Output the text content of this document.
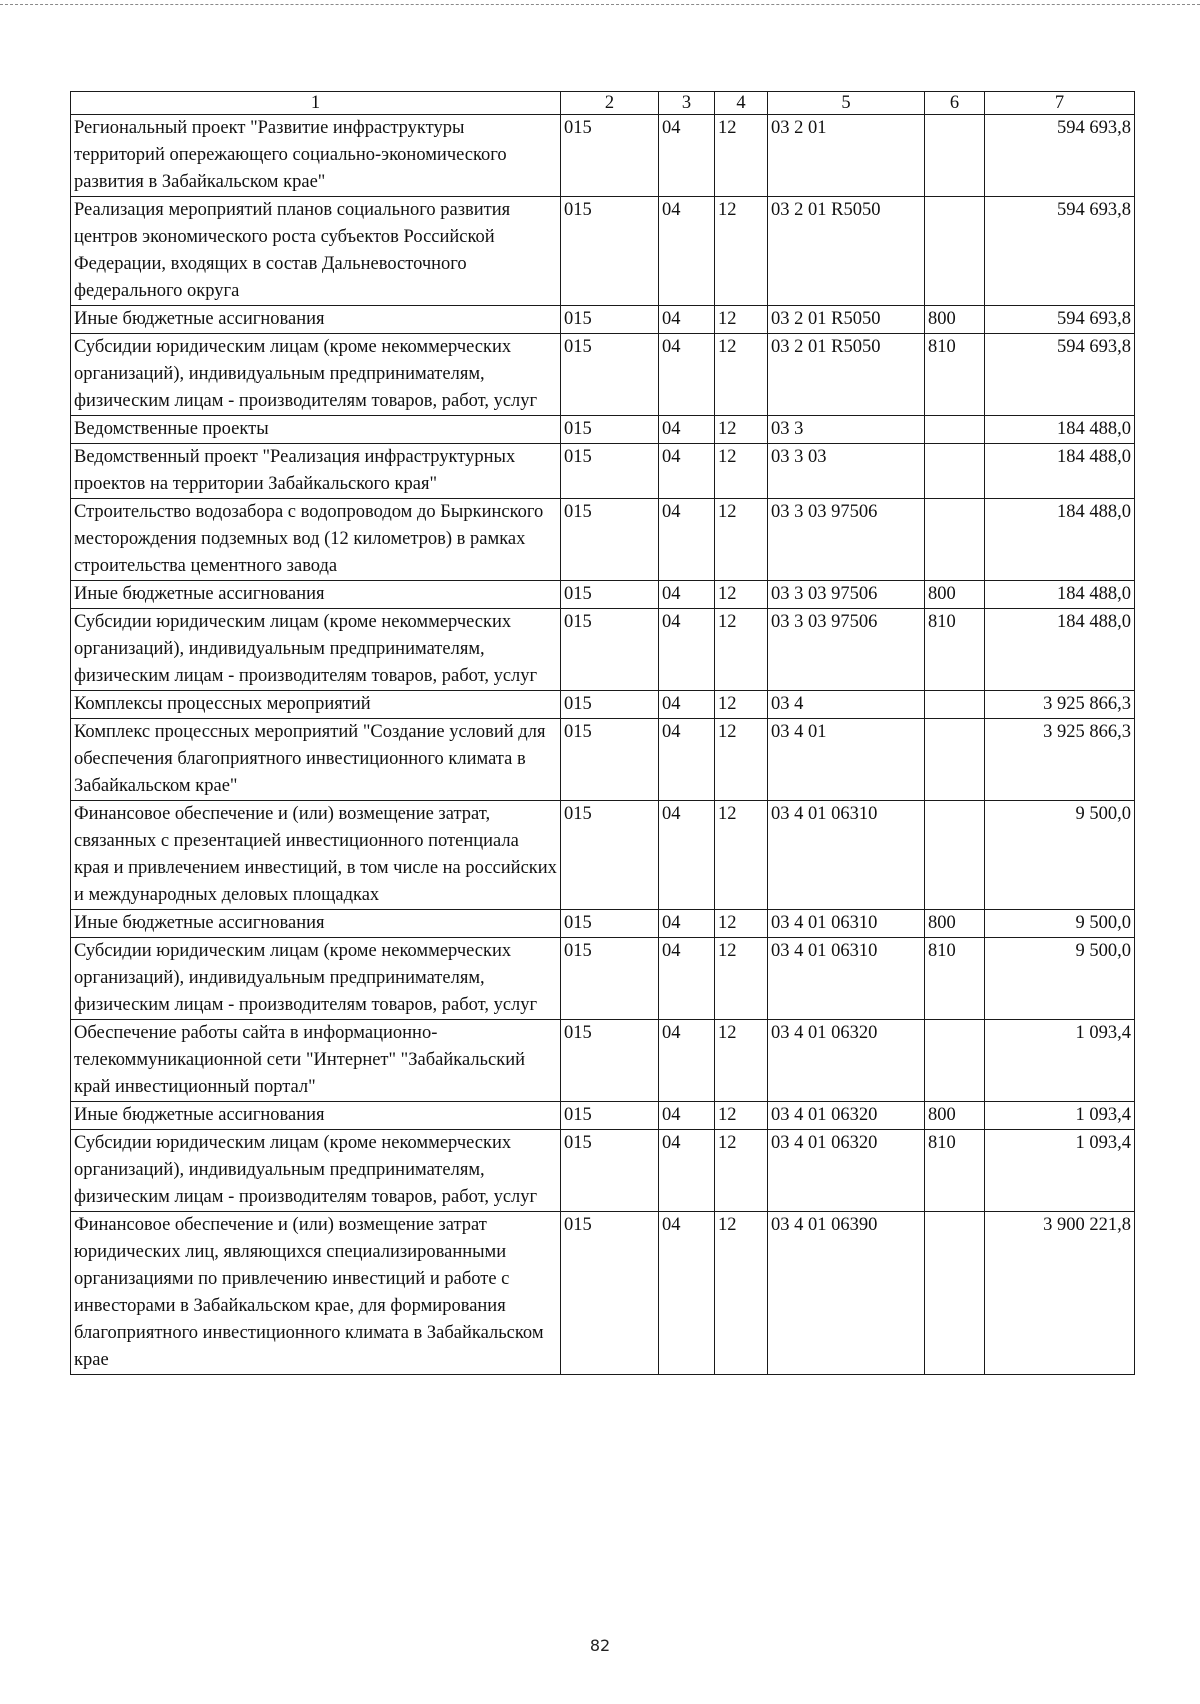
1	2	3	4	5	6	7
Региональный проект "Развитие инфраструктуры территорий опережающего социально-экономического развития в Забайкальском крае"	015	04	12	03 2 01		594 693,8
Реализация мероприятий планов социального развития центров экономического роста субъектов Российской Федерации, входящих в состав Дальневосточного федерального округа	015	04	12	03 2 01 R5050		594 693,8
Иные бюджетные ассигнования	015	04	12	03 2 01 R5050	800	594 693,8
Субсидии юридическим лицам (кроме некоммерческих организаций), индивидуальным предпринимателям, физическим лицам - производителям товаров, работ, услуг	015	04	12	03 2 01 R5050	810	594 693,8
Ведомственные проекты	015	04	12	03 3		184 488,0
Ведомственный проект "Реализация инфраструктурных проектов на территории Забайкальского края"	015	04	12	03 3 03		184 488,0
Строительство водозабора с водопроводом до Быркинского месторождения подземных вод (12 километров) в рамках строительства цементного завода	015	04	12	03 3 03 97506		184 488,0
Иные бюджетные ассигнования	015	04	12	03 3 03 97506	800	184 488,0
Субсидии юридическим лицам (кроме некоммерческих организаций), индивидуальным предпринимателям, физическим лицам - производителям товаров, работ, услуг	015	04	12	03 3 03 97506	810	184 488,0
Комплексы процессных мероприятий	015	04	12	03 4		3 925 866,3
Комплекс процессных мероприятий "Создание условий для обеспечения благоприятного инвестиционного климата в Забайкальском крае"	015	04	12	03 4 01		3 925 866,3
Финансовое обеспечение и (или) возмещение затрат, связанных с презентацией инвестиционного потенциала края и привлечением инвестиций, в том числе на российских и международных деловых площадках	015	04	12	03 4 01 06310		9 500,0
Иные бюджетные ассигнования	015	04	12	03 4 01 06310	800	9 500,0
Субсидии юридическим лицам (кроме некоммерческих организаций), индивидуальным предпринимателям, физическим лицам - производителям товаров, работ, услуг	015	04	12	03 4 01 06310	810	9 500,0
Обеспечение работы сайта в информационно-телекоммуникационной сети "Интернет" "Забайкальский край инвестиционный портал"	015	04	12	03 4 01 06320		1 093,4
Иные бюджетные ассигнования	015	04	12	03 4 01 06320	800	1 093,4
Субсидии юридическим лицам (кроме некоммерческих организаций), индивидуальным предпринимателям, физическим лицам - производителям товаров, работ, услуг	015	04	12	03 4 01 06320	810	1 093,4
Финансовое обеспечение и (или) возмещение затрат юридических лиц, являющихся специализированными организациями по привлечению инвестиций и работе с инвесторами в Забайкальском крае, для формирования благоприятного инвестиционного климата в Забайкальском крае	015	04	12	03 4 01 06390		3 900 221,8
82
